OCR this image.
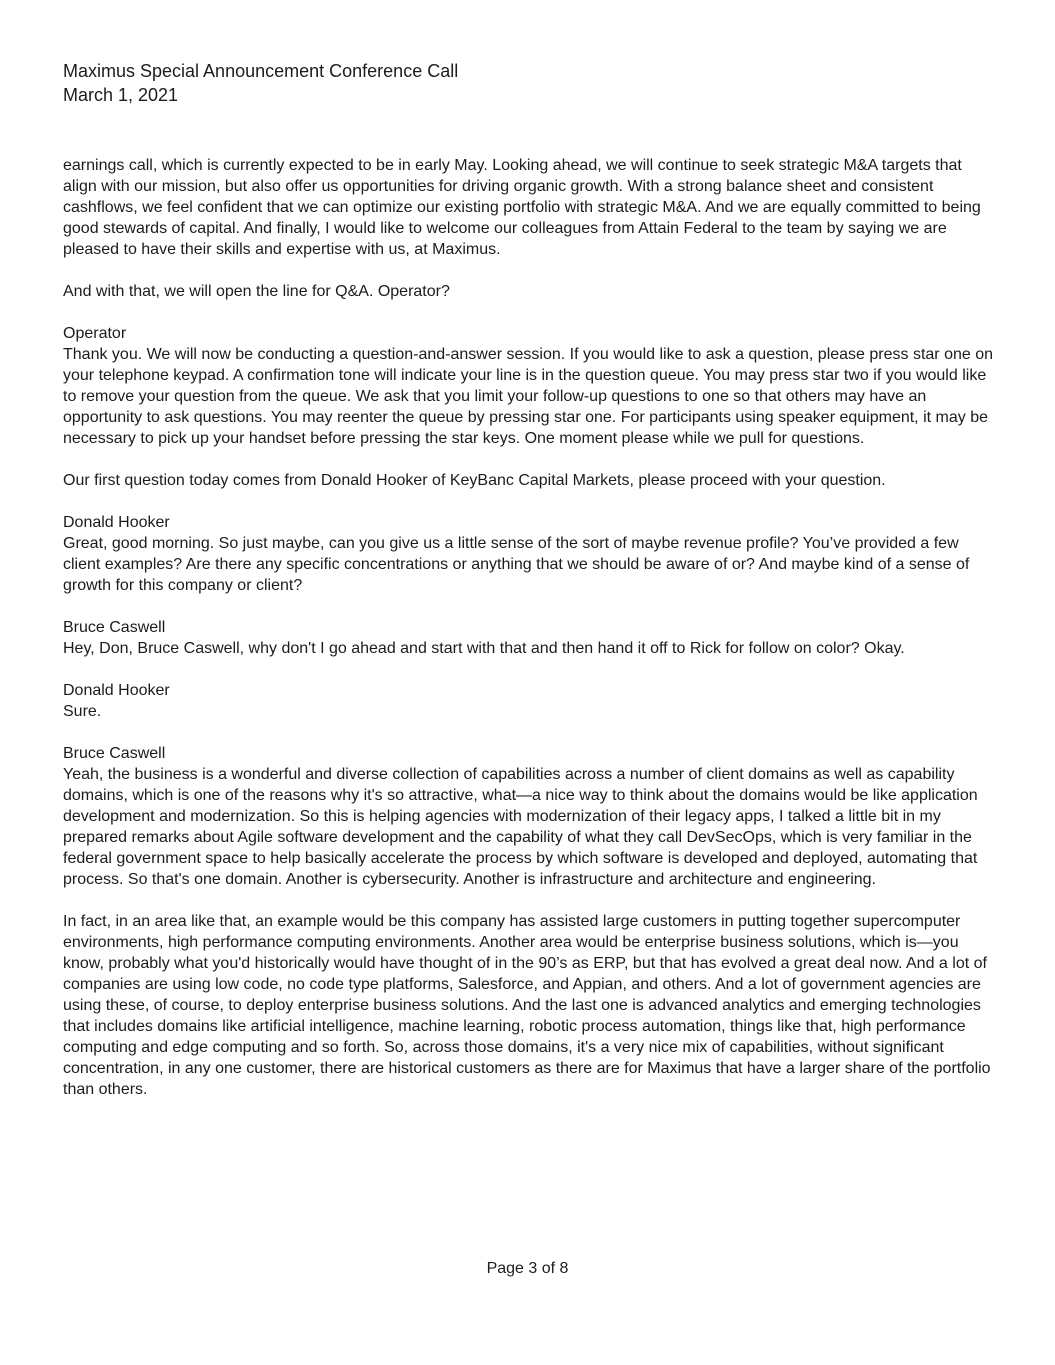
Maximus Special Announcement Conference Call
March 1, 2021
earnings call, which is currently expected to be in early May. Looking ahead, we will continue to seek strategic M&A targets that align with our mission, but also offer us opportunities for driving organic growth. With a strong balance sheet and consistent cashflows, we feel confident that we can optimize our existing portfolio with strategic M&A. And we are equally committed to being good stewards of capital. And finally, I would like to welcome our colleagues from Attain Federal to the team by saying we are pleased to have their skills and expertise with us, at Maximus.
And with that, we will open the line for Q&A. Operator?
Operator
Thank you. We will now be conducting a question-and-answer session. If you would like to ask a question, please press star one on your telephone keypad. A confirmation tone will indicate your line is in the question queue. You may press star two if you would like to remove your question from the queue. We ask that you limit your follow-up questions to one so that others may have an opportunity to ask questions. You may reenter the queue by pressing star one. For participants using speaker equipment, it may be necessary to pick up your handset before pressing the star keys. One moment please while we pull for questions.
Our first question today comes from Donald Hooker of KeyBanc Capital Markets, please proceed with your question.
Donald Hooker
Great, good morning. So just maybe, can you give us a little sense of the sort of maybe revenue profile? You’ve provided a few client examples? Are there any specific concentrations or anything that we should be aware of or? And maybe kind of a sense of growth for this company or client?
Bruce Caswell
Hey, Don, Bruce Caswell, why don't I go ahead and start with that and then hand it off to Rick for follow on color? Okay.
Donald Hooker
Sure.
Bruce Caswell
Yeah, the business is a wonderful and diverse collection of capabilities across a number of client domains as well as capability domains, which is one of the reasons why it's so attractive, what—a nice way to think about the domains would be like application development and modernization. So this is helping agencies with modernization of their legacy apps, I talked a little bit in my prepared remarks about Agile software development and the capability of what they call DevSecOps, which is very familiar in the federal government space to help basically accelerate the process by which software is developed and deployed, automating that process. So that's one domain. Another is cybersecurity. Another is infrastructure and architecture and engineering.
In fact, in an area like that, an example would be this company has assisted large customers in putting together supercomputer environments, high performance computing environments. Another area would be enterprise business solutions, which is—you know, probably what you'd historically would have thought of in the 90’s as ERP, but that has evolved a great deal now. And a lot of companies are using low code, no code type platforms, Salesforce, and Appian, and others. And a lot of government agencies are using these, of course, to deploy enterprise business solutions. And the last one is advanced analytics and emerging technologies that includes domains like artificial intelligence, machine learning, robotic process automation, things like that, high performance computing and edge computing and so forth. So, across those domains, it's a very nice mix of capabilities, without significant concentration, in any one customer, there are historical customers as there are for Maximus that have a larger share of the portfolio than others.
Page 3 of 8
